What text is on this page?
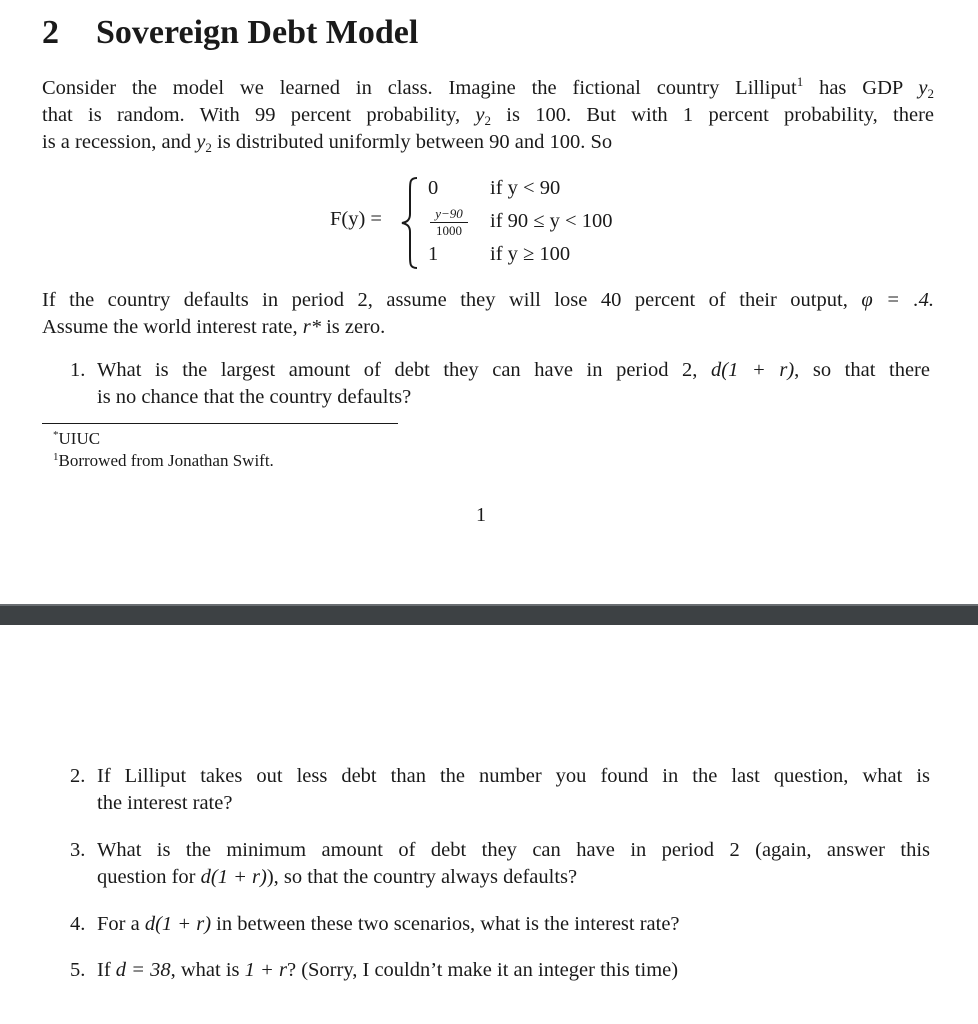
2 Sovereign Debt Model
Consider the model we learned in class. Imagine the fictional country Lilliput$^1$ has GDP $y_2$
that is random. With 99 percent probability, $y_2$ is 100. But with 1 percent probability, there
is a recession, and $y_2$ is distributed uniformly between 90 and 100. So
F(y) =
0	if y < 90
y−90
1000 if 90 ≤ y < 100
1	if y ≥ 100
If the country defaults in period 2, assume they will lose 40 percent of their output, φ = .4.
Assume the world interest rate, r* is zero.
1. What is the largest amount of debt they can have in period 2, d(1 + r), so that there
is no chance that the country defaults?
*UIUC
$^1$Borrowed from Jonathan Swift.
1
2. If Lilliput takes out less debt than the number you found in the last question, what is
the interest rate?
3. What is the minimum amount of debt they can have in period 2 (again, answer this
question for d(1 + r)), so that the country always defaults?
4. For a d(1 + r) in between these two scenarios, what is the interest rate?
5. If d = 38, what is 1 + r? (Sorry, I couldn’t make it an integer this time)
